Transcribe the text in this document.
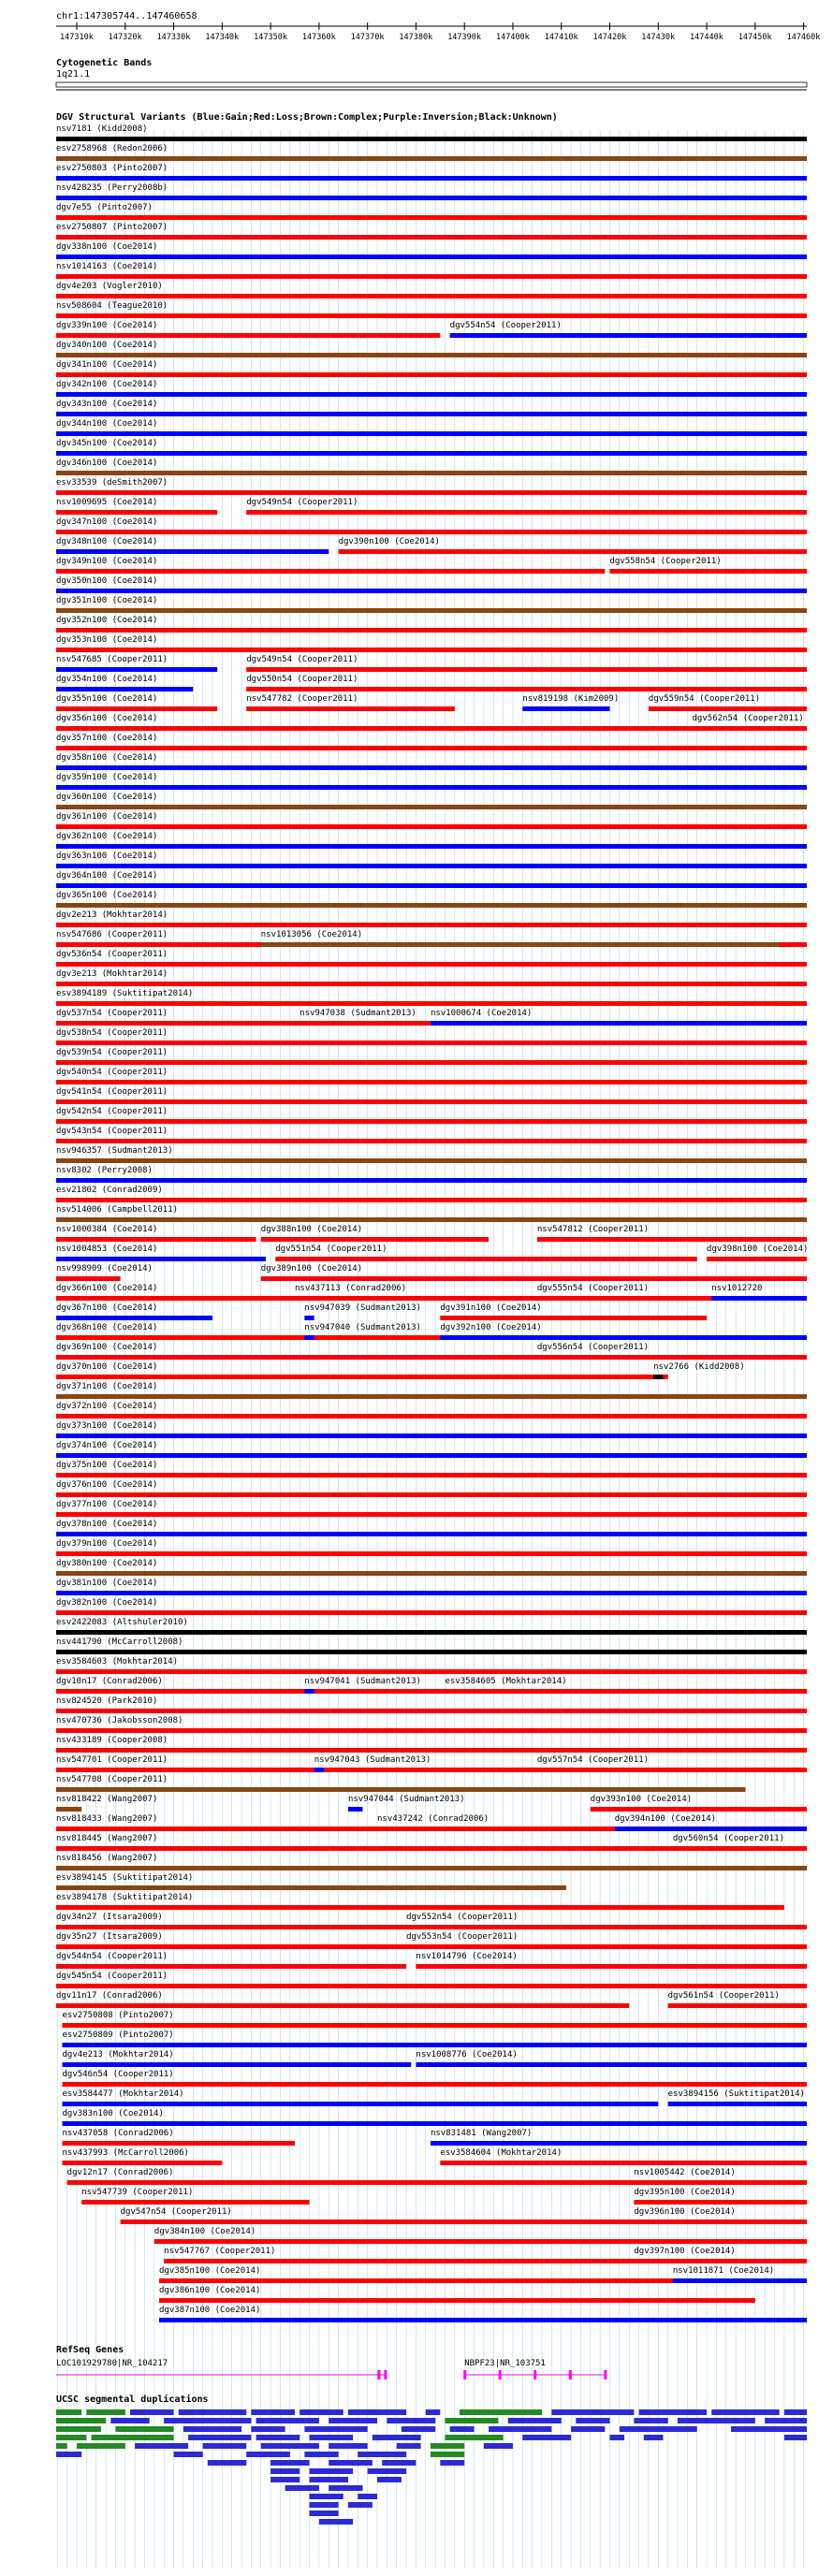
chr1:147305744..147460658
147310k 147320k 147330k 147340k 147350k 147360k 147370k 147380k 147390k 147400k 147410k 147420k 147430k 147440k 147450k 147460k
Cytogenetic Bands
1q21.1
DGV Structural Variants (Blue:Gain;Red:Loss;Brown:Complex;Purple:Inversion;Black:Unknown)
nsv7181 (Kidd2008)
esv2758968 (Redon2006)
esv2750803 (Pinto2007)
nsv428235 (Perry2008b)
dgv7e55 (Pinto2007)
esv2750807 (Pinto2007)
dgv338n100 (Coe2014)
nsv1014163 (Coe2014)
dgv4e203 (Vogler2010)
nsv508604 (Teague2010)
dgv339n100 (Coe2014)	dgv554n54 (Cooper2011)
dgv340n100 (Coe2014)
dgv341n100 (Coe2014)
dgv342n100 (Coe2014)
dgv343n100 (Coe2014)
dgv344n100 (Coe2014)
dgv345n100 (Coe2014)
dgv346n100 (Coe2014)
esv33539 (deSmith2007)
nsv1009695 (Coe2014)	dgv549n54 (Cooper2011)
dgv347n100 (Coe2014)
dgv348n100 (Coe2014)	dgv390n100 (Coe2014)
dgv349n100 (Coe2014)	dgv558n54 (Cooper2011)
dgv350n100 (Coe2014)
dgv351n100 (Coe2014)
dgv352n100 (Coe2014)
dgv353n100 (Coe2014)
nsv547685 (Cooper2011)	dgv549n54 (Cooper2011)
dgv354n100 (Coe2014)	dgv550n54 (Cooper2011)
dgv355n100 (Coe2014)	nsv547782 (Cooper2011)	nsv819198 (Kim2009)	dgv559n54 (Cooper2011)
dgv356n100 (Coe2014)	dgv562n54 (Cooper2011)
dgv357n100 (Coe2014)
dgv358n100 (Coe2014)
dgv359n100 (Coe2014)
dgv360n100 (Coe2014)
dgv361n100 (Coe2014)
dgv362n100 (Coe2014)
dgv363n100 (Coe2014)
dgv364n100 (Coe2014)
dgv365n100 (Coe2014)
dgv2e213 (Mokhtar2014)
nsv547686 (Cooper2011)	nsv1013056 (Coe2014)
dgv536n54 (Cooper2011)
dgv3e213 (Mokhtar2014)
esv3894189 (Suktitipat2014)
dgv537n54 (Cooper2011)	nsv947038 (Sudmant2013) nsv1000674 (Coe2014)
dgv538n54 (Cooper2011)
dgv539n54 (Cooper2011)
dgv540n54 (Cooper2011)
dgv541n54 (Cooper2011)
dgv542n54 (Cooper2011)
dgv543n54 (Cooper2011)
nsv946357 (Sudmant2013)
nsv8302 (Perry2008)
esv21802 (Conrad2009)
nsv514006 (Campbell2011)
nsv1000384 (Coe2014)	dgv388n100 (Coe2014)	nsv547812 (Cooper2011)
nsv1004853 (Coe2014)	dgv551n54 (Cooper2011)	dgv398n100 (Coe2014)
nsv998909 (Coe2014)	dgv389n100 (Coe2014)
dgv366n100 (Coe2014)	nsv437113 (Conrad2006)	dgv555n54 (Cooper2011)	nsv1012720
dgv367n100 (Coe2014)	nsv947039 (Sudmant2013) dgv391n100 (Coe2014)
dgv368n100 (Coe2014)	nsv947040 (Sudmant2013) dgv392n100 (Coe2014)
dgv369n100 (Coe2014)	dgv556n54 (Cooper2011)
dgv370n100 (Coe2014)	nsv2766 (Kidd2008)
dgv371n100 (Coe2014)
dgv372n100 (Coe2014)
dgv373n100 (Coe2014)
dgv374n100 (Coe2014)
dgv375n100 (Coe2014)
dgv376n100 (Coe2014)
dgv377n100 (Coe2014)
dgv378n100 (Coe2014)
dgv379n100 (Coe2014)
dgv380n100 (Coe2014)
dgv381n100 (Coe2014)
dgv382n100 (Coe2014)
esv2422083 (Altshuler2010)
nsv441790 (McCarroll2008)
esv3584603 (Mokhtar2014)
dgv10n17 (Conrad2006)	nsv947041 (Sudmant2013)	esv3584605 (Mokhtar2014)
nsv824520 (Park2010)
nsv470736 (Jakobsson2008)
nsv433189 (Cooper2008)
nsv547701 (Cooper2011)	nsv947043 (Sudmant2013)	dgv557n54 (Cooper2011)
nsv547708 (Cooper2011)
nsv818422 (Wang2007)	nsv947044 (Sudmant2013)	dgv393n100 (Coe2014)
nsv818433 (Wang2007)	nsv437242 (Conrad2006)	dgv394n100 (Coe2014)
nsv818445 (Wang2007)	dgv560n54 (Cooper2011)
nsv818456 (Wang2007)
esv3894145 (Suktitipat2014)
esv3894178 (Suktitipat2014)
dgv34n27 (Itsara2009)	dgv552n54 (Cooper2011)
dgv35n27 (Itsara2009)	dgv553n54 (Cooper2011)
dgv544n54 (Cooper2011)	nsv1014796 (Coe2014)
dgv545n54 (Cooper2011)
dgv11n17 (Conrad2006)	dgv561n54 (Cooper2011)
esv2750808 (Pinto2007)
esv2750809 (Pinto2007)
dgv4e213 (Mokhtar2014)	nsv1008776 (Coe2014)
dgv546n54 (Cooper2011)
esv3584477 (Mokhtar2014)	esv3894156 (Suktitipat2014)
dgv383n100 (Coe2014)
nsv437058 (Conrad2006)	nsv831481 (Wang2007)
nsv437993 (McCarroll2006)	esv3584604 (Mokhtar2014)
dgv12n17 (Conrad2006)	nsv1005442 (Coe2014)
nsv547739 (Cooper2011)	dgv395n100 (Coe2014)
dgv547n54 (Cooper2011)	dgv396n100 (Coe2014)
dgv384n100 (Coe2014)
nsv547767 (Cooper2011)	dgv397n100 (Coe2014)
dgv385n100 (Coe2014)	nsv1011871 (Coe2014)
dgv386n100 (Coe2014)
dgv387n100 (Coe2014)
RefSeq Genes
LOC101929780|NR_104217	NBPF23|NR_103751
UCSC segmental duplications
